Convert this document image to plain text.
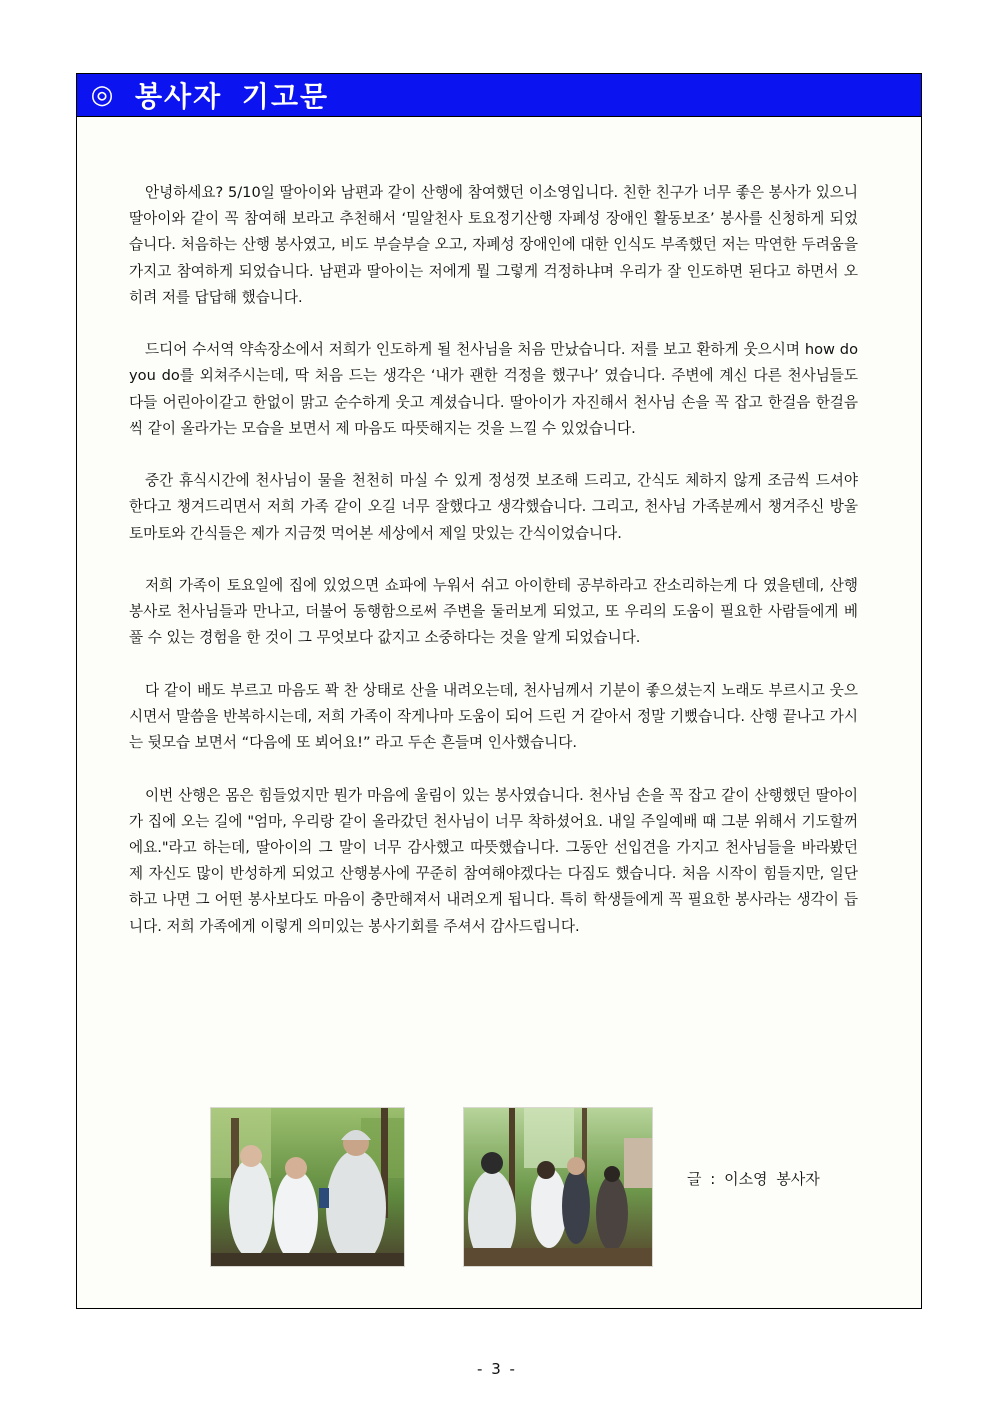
◎ 봉사자 기고문

안녕하세요? 5/10일 딸아이와 남편과 같이 산행에 참여했던 이소영입니다. 친한 친구가 너무 좋은 봉사가 있으니 딸아이와 같이 꼭 참여해 보라고 추천해서 ‘밀알천사 토요정기산행 자폐성 장애인 활동보조’ 봉사를 신청하게 되었습니다. 처음하는 산행 봉사였고, 비도 부슬부슬 오고, 자폐성 장애인에 대한 인식도 부족했던 저는 막연한 두려움을 가지고 참여하게 되었습니다. 남편과 딸아이는 저에게 뭘 그렇게 걱정하냐며 우리가 잘 인도하면 된다고 하면서 오히려 저를 답답해 했습니다.

드디어 수서역 약속장소에서 저희가 인도하게 될 천사님을 처음 만났습니다. 저를 보고 환하게 웃으시며 how do you do를 외쳐주시는데, 딱 처음 드는 생각은 ‘내가 괜한 걱정을 했구나’ 였습니다. 주변에 계신 다른 천사님들도 다들 어린아이같고 한없이 맑고 순수하게 웃고 계셨습니다. 딸아이가 자진해서 천사님 손을 꼭 잡고 한걸음 한걸음씩 같이 올라가는 모습을 보면서 제 마음도 따뜻해지는 것을 느낄 수 있었습니다.

중간 휴식시간에 천사님이 물을 천천히 마실 수 있게 정성껏 보조해 드리고, 간식도 체하지 않게 조금씩 드셔야 한다고 챙겨드리면서 저희 가족 같이 오길 너무 잘했다고 생각했습니다. 그리고, 천사님 가족분께서 챙겨주신 방울토마토와 간식들은 제가 지금껏 먹어본 세상에서 제일 맛있는 간식이었습니다.

저희 가족이 토요일에 집에 있었으면 쇼파에 누워서 쉬고 아이한테 공부하라고 잔소리하는게 다 였을텐데, 산행 봉사로 천사님들과 만나고, 더불어 동행함으로써 주변을 둘러보게 되었고, 또 우리의 도움이 필요한 사람들에게 베풀 수 있는 경험을 한 것이 그 무엇보다 값지고 소중하다는 것을 알게 되었습니다.

다 같이 배도 부르고 마음도 꽉 찬 상태로 산을 내려오는데, 천사님께서 기분이 좋으셨는지 노래도 부르시고 웃으시면서 말씀을 반복하시는데, 저희 가족이 작게나마 도움이 되어 드린 거 같아서 정말 기뻤습니다. 산행 끝나고 가시는 뒷모습 보면서 “다음에 또 뵈어요!” 라고 두손 흔들며 인사했습니다.

이번 산행은 몸은 힘들었지만 뭔가 마음에 울림이 있는 봉사였습니다. 천사님 손을 꼭 잡고 같이 산행했던 딸아이가 집에 오는 길에 "엄마, 우리랑 같이 올라갔던 천사님이 너무 착하셨어요. 내일 주일예배 때 그분 위해서 기도할꺼에요."라고 하는데, 딸아이의 그 말이 너무 감사했고 따뜻했습니다. 그동안 선입견을 가지고 천사님들을 바라봤던 제 자신도 많이 반성하게 되었고 산행봉사에 꾸준히 참여해야겠다는 다짐도 했습니다. 처음 시작이 힘들지만, 일단 하고 나면 그 어떤 봉사보다도 마음이 충만해져서 내려오게 됩니다. 특히 학생들에게 꼭 필요한 봉사라는 생각이 듭니다. 저희 가족에게 이렇게 의미있는 봉사기회를 주셔서 감사드립니다.

글 : 이소영 봉사자
- 3 -
